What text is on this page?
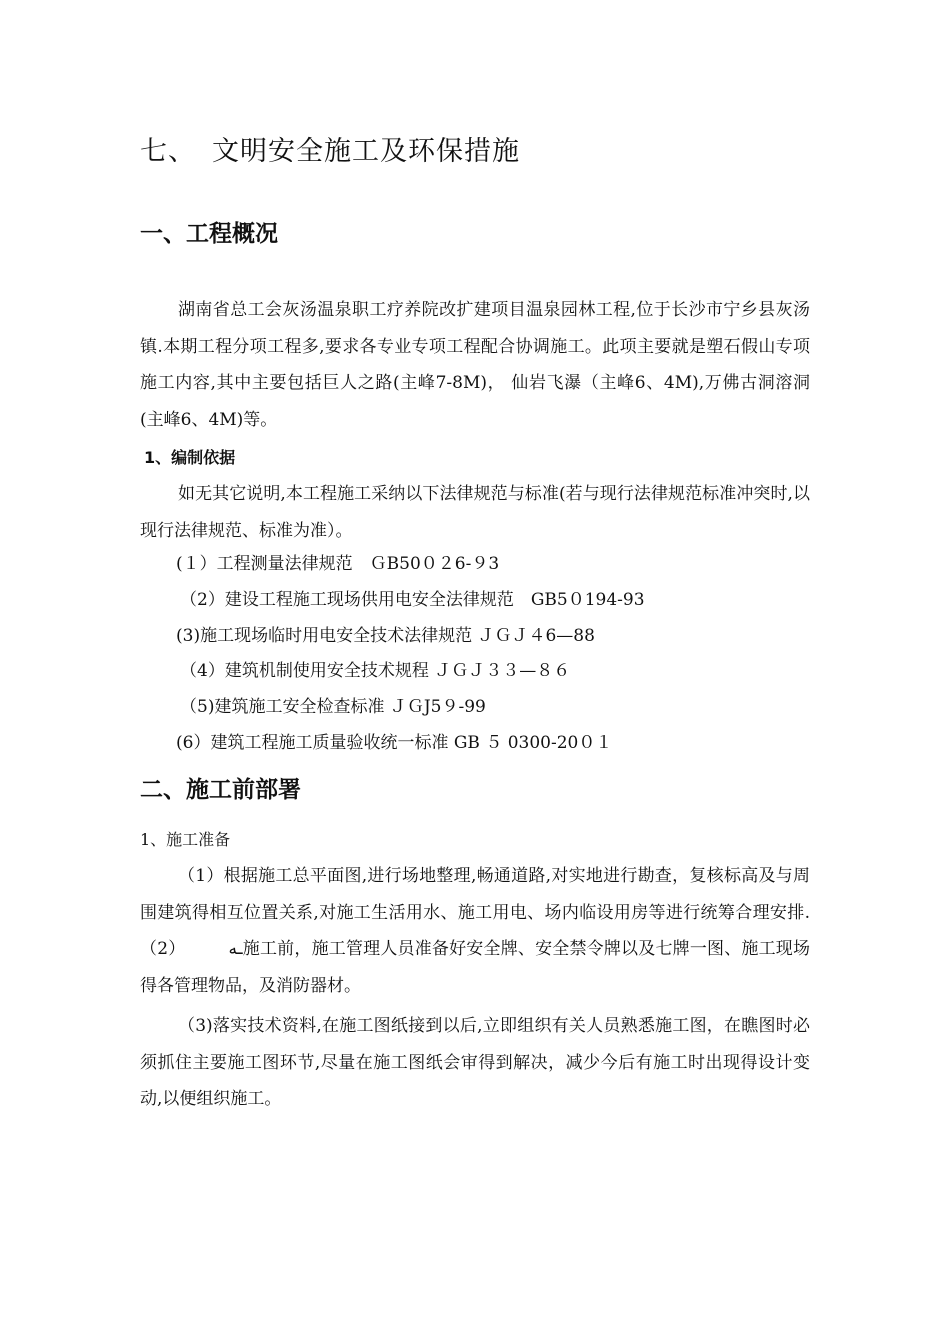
七、 文明安全施工及环保措施
一、工程概况

湖南省总工会灰汤温泉职工疗养院改扩建项目温泉园林工程,位于长沙市宁乡县灰汤镇.本期工程分项工程多,要求各专业专项工程配合协调施工。此项主要就是塑石假山专项施工内容,其中主要包括巨人之路(主峰7-8M)， 仙岩飞瀑（主峰6、4M),万佛古洞溶洞(主峰6、4M)等。

1、编制依据

如无其它说明,本工程施工采纳以下法律规范与标准(若与现行法律规范标准冲突时,以现行法律规范、标准为准）。

(１）工程测量法律规范　ＧB50０２6-９3
（2）建设工程施工现场供用电安全法律规范　GB5０194-93
(3)施工现场临时用电安全技术法律规范 ＪＧＪ４6—88
（4）建筑机制使用安全技术规程 ＪＧＪ３３—８６
（5)建筑施工安全检查标准 ＪＧJ5９-99
(6）建筑工程施工质量验收统一标准 GB ５ 0300-20０１
二、施工前部署
1、施工准备

（1）根据施工总平面图,进行场地整理,畅通道路,对实地进行勘查，复核标高及与周围建筑得相互位置关系,对施工生活用水、施工用电、场内临设用房等进行统筹合理安排. （2）　　　ـه施工前，施工管理人员准备好安全牌、安全禁令牌以及七牌一图、施工现场得各管理物品，及消防器材。

（3)落实技术资料,在施工图纸接到以后,立即组织有关人员熟悉施工图，在瞧图时必须抓住主要施工图环节,尽量在施工图纸会审得到解决，减少今后有施工时出现得设计变动,以便组织施工。
